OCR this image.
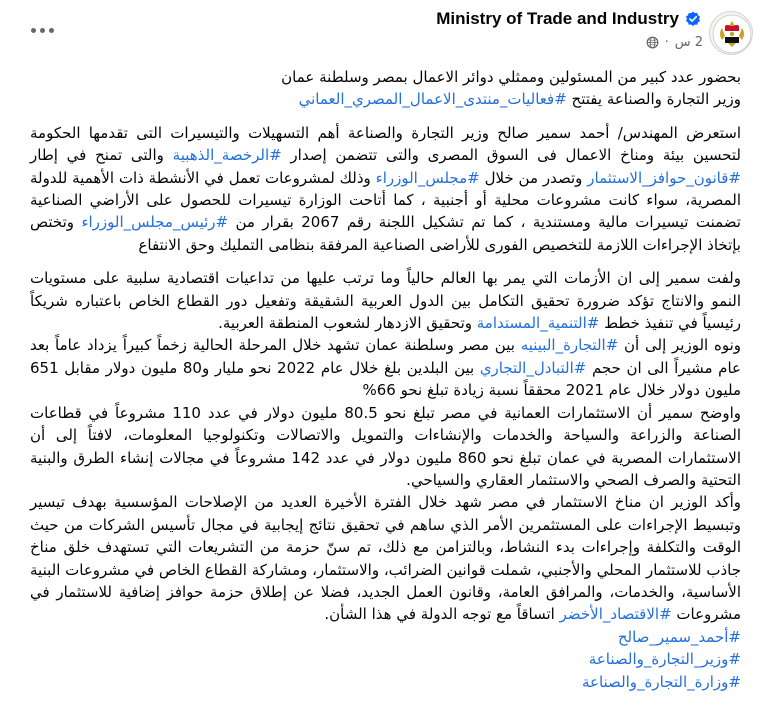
Ministry of Trade and Industry
2 س
·

بحضور عدد كبير من المسئولين وممثلي دوائر الاعمال بمصر وسلطنة عمان

وزير التجارة والصناعة يفتتح #فعاليات_منتدى_الاعمال_المصري_العماني

استعرض المهندس/ أحمد سمير صالح وزير التجارة والصناعة أهم التسهيلات والتيسيرات التى تقدمها الحكومة لتحسين بيئة ومناخ الاعمال فى السوق المصرى والتى تتضمن إصدار #الرخصة_الذهبية والتى تمنح في إطار #قانون_حوافز_الاستثمار وتصدر من خلال #مجلس_الوزراء وذلك لمشروعات تعمل في الأنشطة ذات الأهمية للدولة المصرية، سواء كانت مشروعات محلية أو أجنبية ، كما أتاحت الوزارة تيسيرات للحصول على الأراضي الصناعية تضمنت تيسيرات مالية ومستندية ، كما تم تشكيل اللجنة رقم 2067 بقرار من #رئيس_مجلس_الوزراء وتختص بإتخاذ الإجراءات اللازمة للتخصيص الفورى للأراضى الصناعية المرفقة بنظامى التمليك وحق الانتفاع

ولفت سمير إلى ان الأزمات التي يمر بها العالم حالياً وما ترتب عليها من تداعيات اقتصادية سلبية على مستويات النمو والانتاج تؤكد ضرورة تحقيق التكامل بين الدول العربية الشقيقة وتفعيل دور القطاع الخاص باعتباره شريكاً رئيسياً في تنفيذ خطط #التنمية_المستدامة وتحقيق الازدهار لشعوب المنطقة العربية.

ونوه الوزير إلى أن #التجارة_البينيه بين مصر وسلطنة عمان تشهد خلال المرحلة الحالية زخماً كبيراً يزداد عاماً بعد عام مشيراً الى ان حجم #التبادل_التجاري بين البلدين بلغ خلال عام 2022 نحو مليار و80 مليون دولار مقابل 651 مليون دولار خلال عام 2021 محققاً نسبة زيادة تبلغ نحو 66%

واوضح سمير أن الاستثمارات العمانية في مصر تبلغ نحو 80.5 مليون دولار في عدد 110 مشروعاً في قطاعات الصناعة والزراعة والسياحة والخدمات والإنشاءات والتمويل والاتصالات وتكنولوجيا المعلومات، لافتاً إلى أن الاستثمارات المصرية في عمان تبلغ نحو 860 مليون دولار في عدد 142 مشروعاً في مجالات إنشاء الطرق والبنية التحتية والصرف الصحي والاستثمار العقاري والسياحي.

وأكد الوزير ان مناخ الاستثمار في مصر شهد خلال الفترة الأخيرة العديد من الإصلاحات المؤسسية بهدف تيسير وتبسيط الإجراءات على المستثمرين الأمر الذي ساهم في تحقيق نتائج إيجابية في مجال تأسيس الشركات من حيث الوقت والتكلفة وإجراءات بدء النشاط، وبالتزامن مع ذلك، تم سنّ حزمة من التشريعات التي تستهدف خلق مناخ جاذب للاستثمار المحلي والأجنبي، شملت قوانين الضرائب، والاستثمار، ومشاركة القطاع الخاص في مشروعات البنية الأساسية، والخدمات، والمرافق العامة، وقانون العمل الجديد، فضلا عن إطلاق حزمة حوافز إضافية للاستثمار في مشروعات #الاقتصاد_الأخضر اتساقاً مع توجه الدولة في هذا الشأن.

#أحمد_سمير_صالح
#وزير_التجارة_والصناعة
#وزارة_التجارة_والصناعة
